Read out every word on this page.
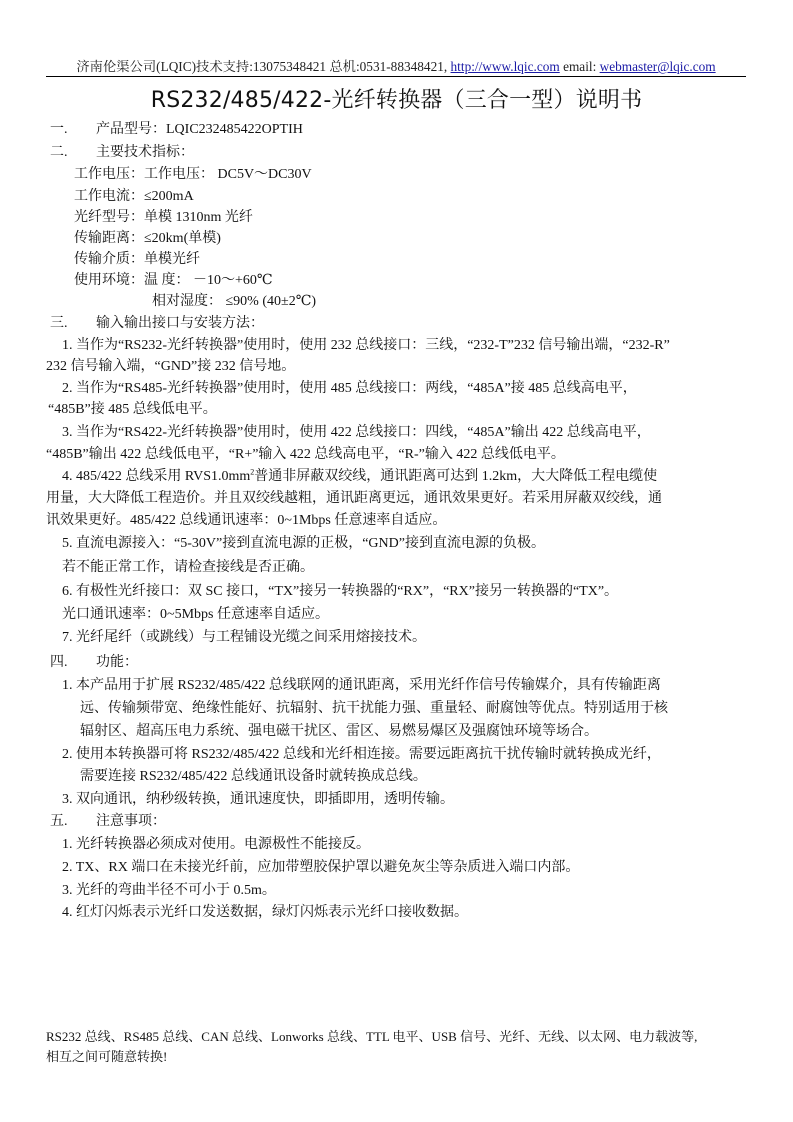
济南伦渠公司(LQIC)技术支持:13075348421 总机:0531-88348421, http://www.lqic.com email: webmaster@lqic.com
RS232/485/422-光纤转换器（三合一型）说明书
一. 产品型号：LQIC232485422OPTIH
二. 主要技术指标：
工作电压：工作电压： DC5V～DC30V
工作电流：≤200mA
光纤型号：单模 1310nm 光纤
传输距离：≤20km(单模)
传输介质：单模光纤
使用环境：温 度： －10～+60℃
相对湿度： ≤90% (40±2℃)
三. 输入输出接口与安装方法：
1. 当作为“RS232-光纤转换器”使用时，使用 232 总线接口：三线，“232-T”232 信号输出端，“232-R”
232 信号输入端，“GND”接 232 信号地。
2. 当作为“RS485-光纤转换器”使用时，使用 485 总线接口：两线，“485A”接 485 总线高电平，
“485B”接 485 总线低电平。
3. 当作为“RS422-光纤转换器”使用时，使用 422 总线接口：四线，“485A”输出 422 总线高电平，
“485B”输出 422 总线低电平，“R+”输入 422 总线高电平，“R-”输入 422 总线低电平。
4. 485/422 总线采用 $RVS1.0mm^2$普通非屏蔽双绞线，通讯距离可达到 1.2km，大大降低工程电缆使
用量，大大降低工程造价。并且双绞线越粗，通讯距离更远，通讯效果更好。若采用屏蔽双绞线，通
讯效果更好。485/422 总线通讯速率：0~1Mbps 任意速率自适应。
5. 直流电源接入：“5-30V”接到直流电源的正极，“GND”接到直流电源的负极。
若不能正常工作，请检查接线是否正确。
6. 有极性光纤接口：双 SC 接口，“TX”接另一转换器的“RX”，“RX”接另一转换器的“TX”。
光口通讯速率：0~5Mbps 任意速率自适应。
7. 光纤尾纤（或跳线）与工程铺设光缆之间采用熔接技术。
四. 功能：
1. 本产品用于扩展 RS232/485/422 总线联网的通讯距离，采用光纤作信号传输媒介，具有传输距离
远、传输频带宽、绝缘性能好、抗辐射、抗干扰能力强、重量轻、耐腐蚀等优点。特别适用于核
辐射区、超高压电力系统、强电磁干扰区、雷区、易燃易爆区及强腐蚀环境等场合。
2. 使用本转换器可将 RS232/485/422 总线和光纤相连接。需要远距离抗干扰传输时就转换成光纤，
需要连接 RS232/485/422 总线通讯设备时就转换成总线。
3. 双向通讯，纳秒级转换，通讯速度快，即插即用，透明传输。
五. 注意事项：
1. 光纤转换器必须成对使用。电源极性不能接反。
2. TX、RX 端口在未接光纤前，应加带塑胶保护罩以避免灰尘等杂质进入端口内部。
3. 光纤的弯曲半径不可小于 0.5m。
4. 红灯闪烁表示光纤口发送数据，绿灯闪烁表示光纤口接收数据。
RS232 总线、RS485 总线、CAN 总线、Lonworks 总线、TTL 电平、USB 信号、光纤、无线、以太网、电力载波等,
相互之间可随意转换!
